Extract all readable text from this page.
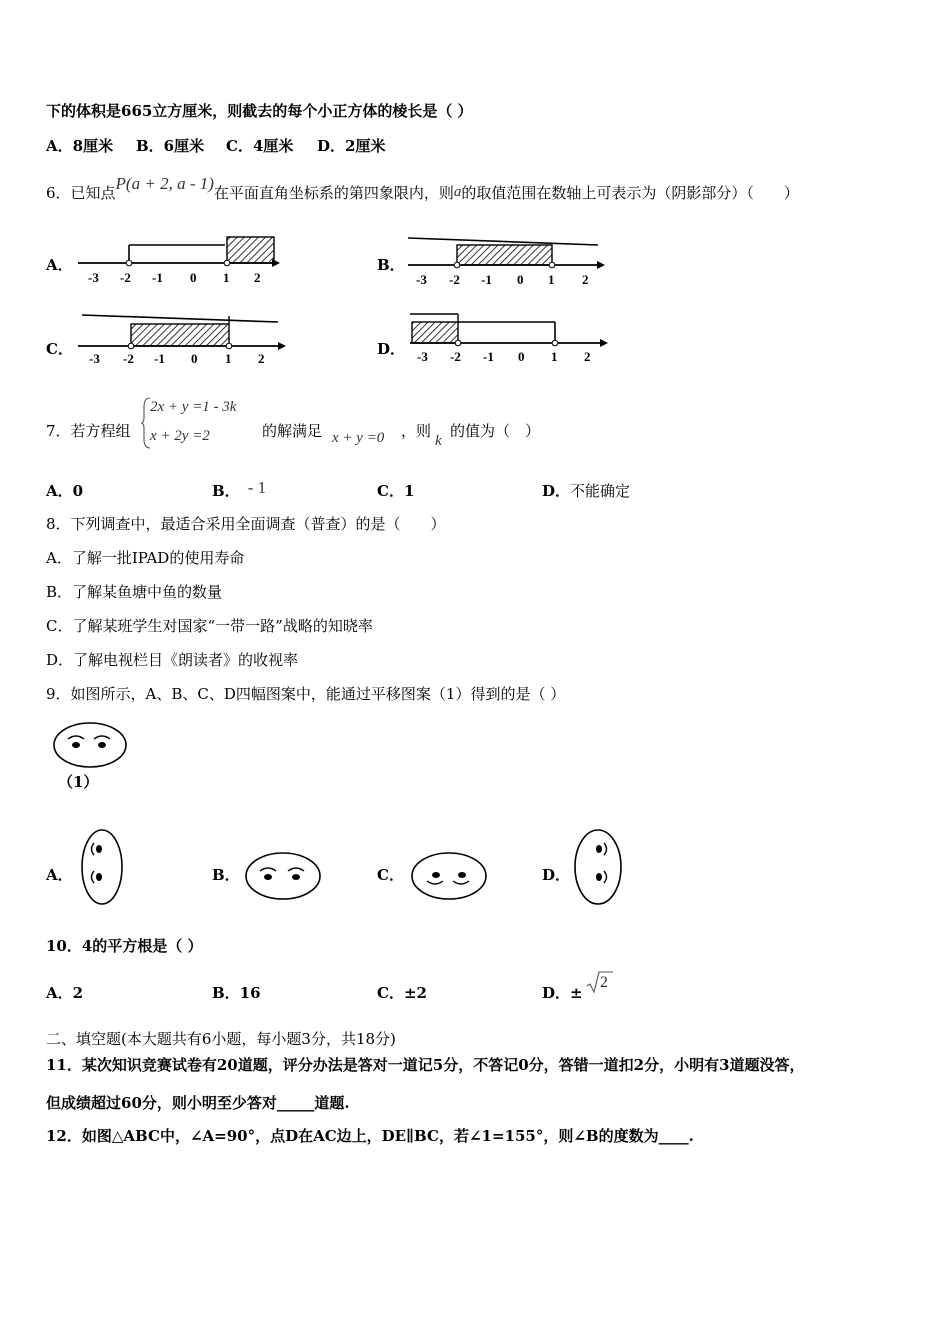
下的体积是665立方厘米，则截去的每个小正方体的棱长是（ ）
A．8厘米 B．6厘米 C．4厘米 D．2厘米
6．已知点P(a + 2, a - 1)在平面直角坐标系的第四象限内，则a的取值范围在数轴上可表示为（阴影部分）（　　）
A．	B．
C．	D．
-3 -2 -1 0 1 2	-3 -2 -1 0 1 2
-3 -2 -1 0 1 2	-3 -2 -1 0 1 2
7．若方程组
2x + y =1 - 3k
x + 2y =2	的解满足 x + y =0 ，则
k
的值为（　）
A．0	B． - 1	C．1	D．不能确定
8．下列调查中，最适合采用全面调查（普查）的是（　　）
A．了解一批IPAD的使用寿命
B．了解某鱼塘中鱼的数量
C．了解某班学生对国家“一带一路”战略的知晓率
D．了解电视栏目《朗读者》的收视率
9．如图所示，A、B、C、D四幅图案中，能通过平移图案（1）得到的是（ ）
（1）
A．	B．	C．	D．
10．4的平方根是（ ）
A．2	B．16	C．±2	D．±
2
二、填空题(本大题共有6小题，每小题3分，共18分)
11．某次知识竞赛试卷有20道题，评分办法是答对一道记5分，不答记0分，答错一道扣2分，小明有3道题没答，
但成绩超过60分，则小明至少答对_____道题.
12．如图△ABC中，∠A=90°，点D在AC边上，DE∥BC，若∠1=155°，则∠B的度数为____.
